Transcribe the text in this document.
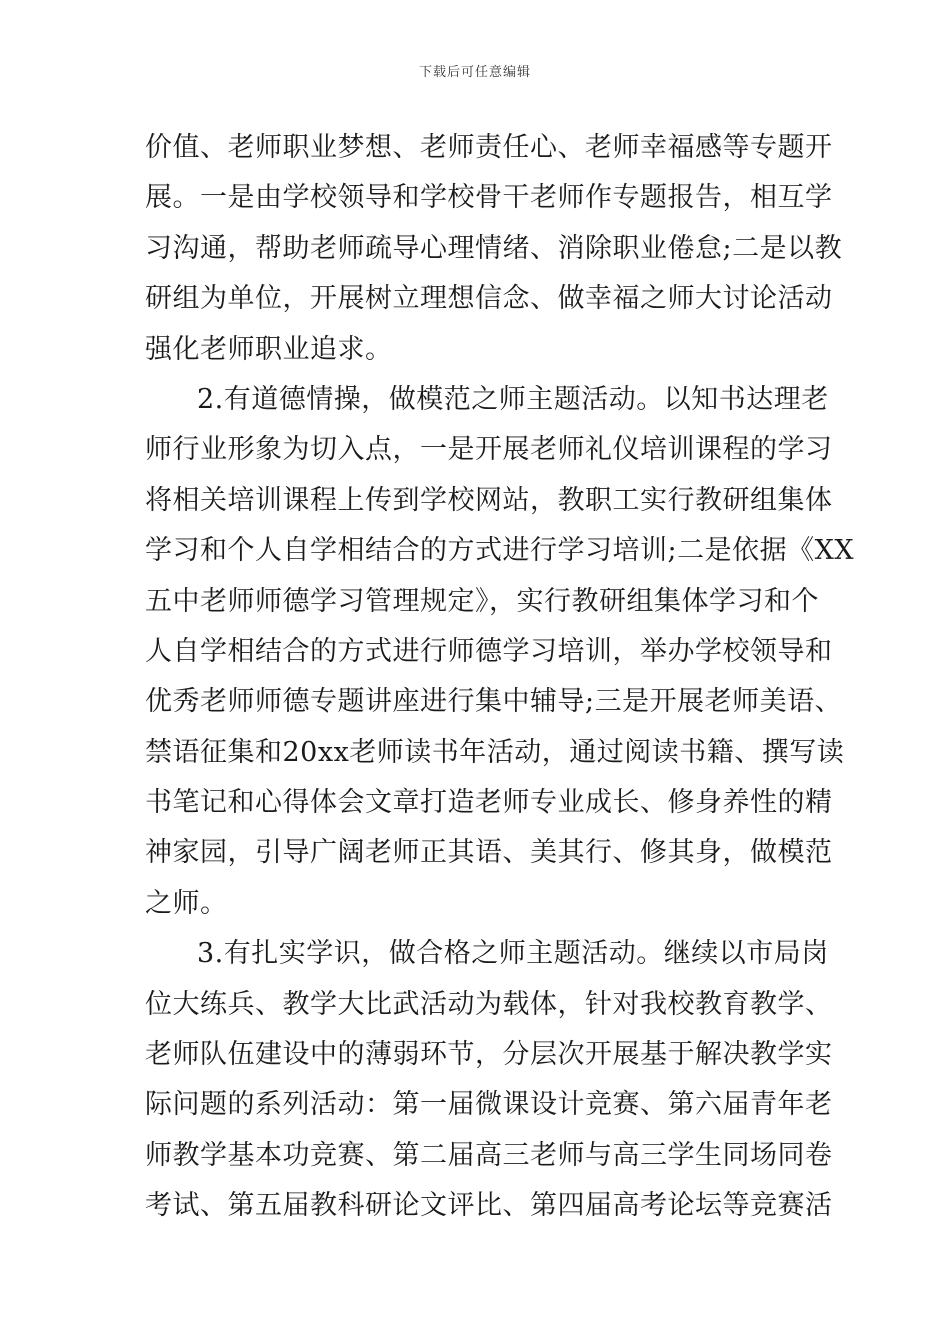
下载后可任意编辑
价值、老师职业梦想、老师责任心、老师幸福感等专题开
展。一是由学校领导和学校骨干老师作专题报告，相互学
习沟通，帮助老师疏导心理情绪、消除职业倦怠;二是以教
研组为单位，开展树立理想信念、做幸福之师大讨论活动
强化老师职业追求。
2.有道德情操，做模范之师主题活动。以知书达理老
师行业形象为切入点，一是开展老师礼仪培训课程的学习
将相关培训课程上传到学校网站，教职工实行教研组集体
学习和个人自学相结合的方式进行学习培训;二是依据《XX
五中老师师德学习管理规定》，实行教研组集体学习和个
人自学相结合的方式进行师德学习培训，举办学校领导和
优秀老师师德专题讲座进行集中辅导;三是开展老师美语、
禁语征集和20xx老师读书年活动，通过阅读书籍、撰写读
书笔记和心得体会文章打造老师专业成长、修身养性的精
神家园，引导广阔老师正其语、美其行、修其身，做模范
之师。
3.有扎实学识，做合格之师主题活动。继续以市局岗
位大练兵、教学大比武活动为载体，针对我校教育教学、
老师队伍建设中的薄弱环节，分层次开展基于解决教学实
际问题的系列活动：第一届微课设计竞赛、第六届青年老
师教学基本功竞赛、第二届高三老师与高三学生同场同卷
考试、第五届教科研论文评比、第四届高考论坛等竞赛活
